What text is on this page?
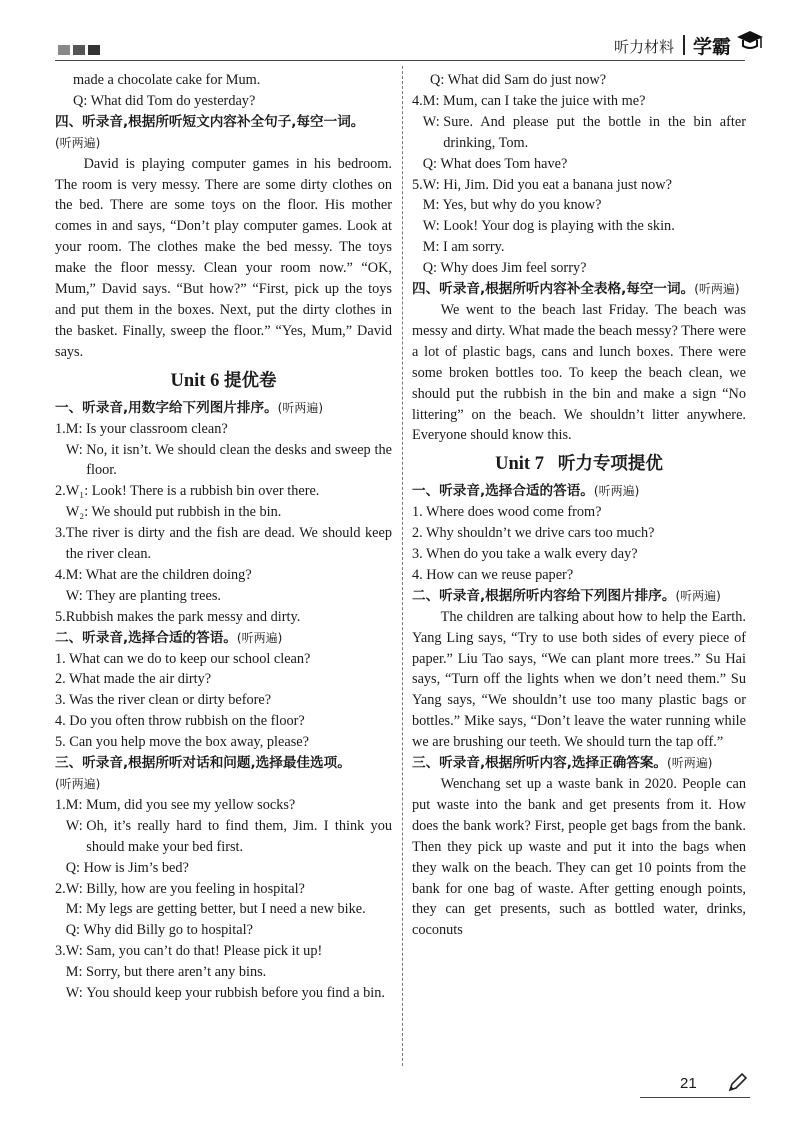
听力材料 学霸

made a chocolate cake for Mum.

Q: What did Tom do yesterday?

四、听录音,根据所听短文内容补全句子,每空一词。
(听两遍)

David is playing computer games in his bedroom. The room is very messy. There are some dirty clothes on the bed. There are some toys on the floor. His mother comes in and says, “Don’t play computer games. Look at your room. The clothes make the bed messy. The toys make the floor messy. Clean your room now.” “OK, Mum,” David says. “But how?” “First, pick up the toys and put them in the boxes. Next, put the dirty clothes in the basket. Finally, sweep the floor.” “Yes, Mum,” David says.

Unit 6 提优卷

一、听录音,用数字给下列图片排序。(听两遍)

1. M: Is your classroom clean?

W: No, it isn’t. We should clean the desks and sweep the floor.
2. W₁: Look! There is a rubbish bin over there.

W₂: We should put rubbish in the bin.

3. The river is dirty and the fish are dead. We should keep the river clean.

4. M: What are the children doing?

W: They are planting trees.

5. Rubbish makes the park messy and dirty.

二、听录音,选择合适的答语。(听两遍)

1. What can we do to keep our school clean?

2. What made the air dirty?

3. Was the river clean or dirty before?

4. Do you often throw rubbish on the floor?

5. Can you help move the box away, please?

三、听录音,根据所听对话和问题,选择最佳选项。
(听两遍)

1. M: Mum, did you see my yellow socks?

W: Oh, it’s really hard to find them, Jim. I think you should make your bed first.

Q: How is Jim’s bed?

2. W: Billy, how are you feeling in hospital?

M: My legs are getting better, but I need a new bike.

Q: Why did Billy go to hospital?

3. W: Sam, you can’t do that! Please pick it up!

M: Sorry, but there aren’t any bins.

W: You should keep your rubbish before you find a bin.

Q: What did Sam do just now?

4. M: Mum, can I take the juice with me?

W: Sure. And please put the bottle in the bin after drinking, Tom.

Q: What does Tom have?

5. W: Hi, Jim. Did you eat a banana just now?

M: Yes, but why do you know?

W: Look! Your dog is playing with the skin.

M: I am sorry.

Q: Why does Jim feel sorry?

四、听录音,根据所听内容补全表格,每空一词。(听两遍)

We went to the beach last Friday. The beach was messy and dirty. What made the beach messy? There were a lot of plastic bags, cans and lunch boxes. There were some broken bottles too. To keep the beach clean, we should put the rubbish in the bin and make a sign “No littering” on the beach. We shouldn’t litter anywhere. Everyone should know this.

Unit 7 听力专项提优

一、听录音,选择合适的答语。(听两遍)

1. Where does wood come from?

2. Why shouldn’t we drive cars too much?

3. When do you take a walk every day?

4. How can we reuse paper?

二、听录音,根据所听内容给下列图片排序。(听两遍)

The children are talking about how to help the Earth. Yang Ling says, “Try to use both sides of every piece of paper.” Liu Tao says, “We can plant more trees.” Su Hai says, “Turn off the lights when we don’t need them.” Su Yang says, “We shouldn’t use too many plastic bags or bottles.” Mike says, “Don’t leave the water running while we are brushing our teeth. We should turn the tap off.”

三、听录音,根据所听内容,选择正确答案。(听两遍)

Wenchang set up a waste bank in 2020. People can put waste into the bank and get presents from it. How does the bank work? First, people get bags from the bank. Then they pick up waste and put it into the bags when they walk on the beach. They can get 10 points from the bank for one bag of waste. After getting enough points, they can get presents, such as bottled water, drinks, coconuts

21
